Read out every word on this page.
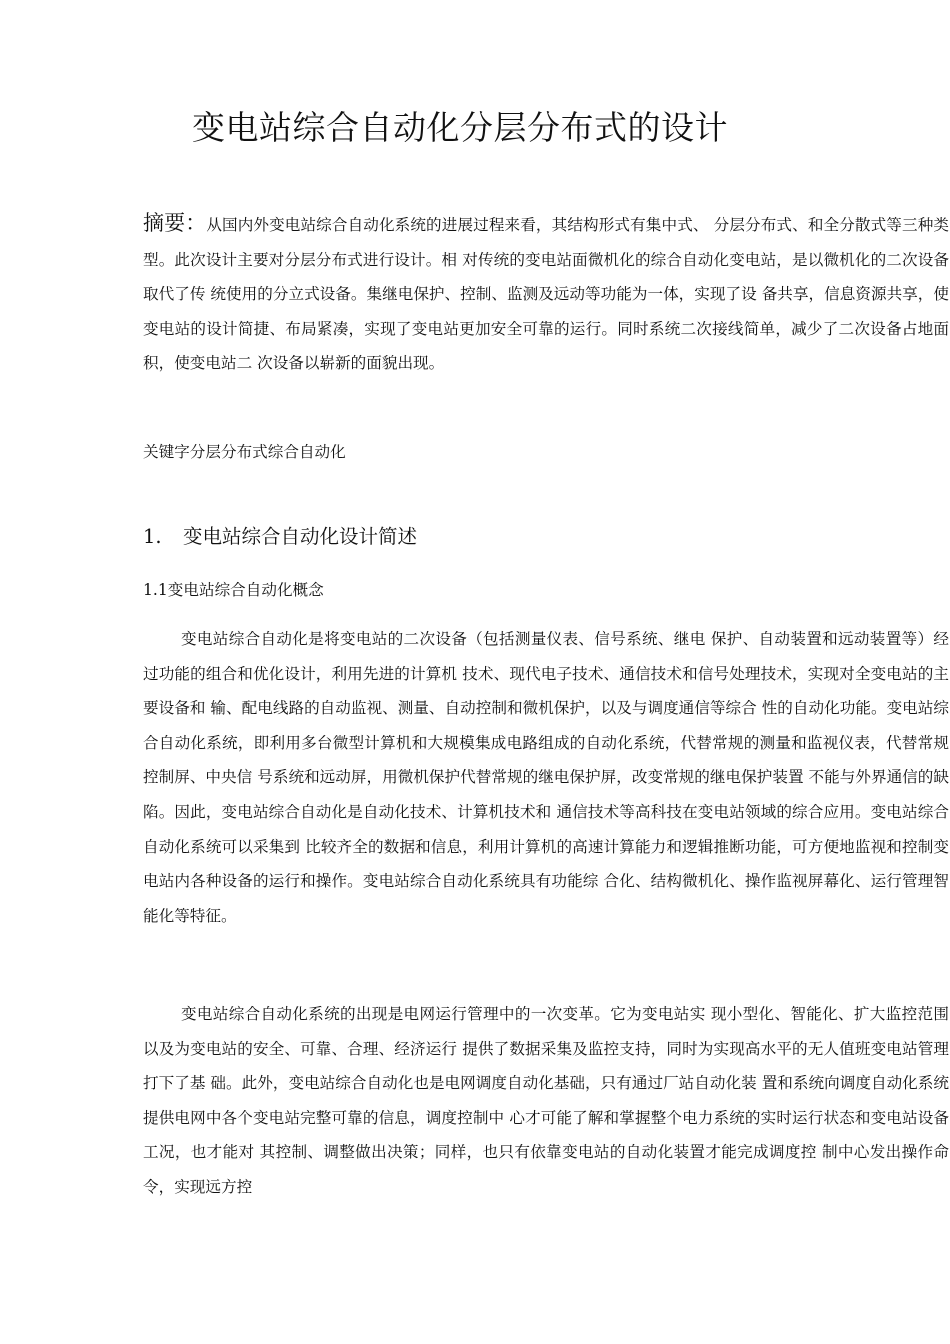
变电站综合自动化分层分布式的设计

摘要：从国内外变电站综合自动化系统的进展过程来看，其结构形式有集中式、 分层分布式、和全分散式等三种类型。此次设计主要对分层分布式进行设计。相 对传统的变电站面微机化的综合自动化变电站，是以微机化的二次设备取代了传 统使用的分立式设备。集继电保护、控制、监测及远动等功能为一体，实现了设 备共享，信息资源共享，使变电站的设计简捷、布局紧凑，实现了变电站更加安全可靠的运行。同时系统二次接线简单，减少了二次设备占地面积，使变电站二 次设备以崭新的面貌出现。

关键字分层分布式综合自动化

1. 变电站综合自动化设计简述
1.1变电站综合自动化概念

变电站综合自动化是将变电站的二次设备（包括测量仪表、信号系统、继电 保护、自动装置和远动装置等）经过功能的组合和优化设计，利用先进的计算机 技术、现代电子技术、通信技术和信号处理技术，实现对全变电站的主要设备和 输、配电线路的自动监视、测量、自动控制和微机保护，以及与调度通信等综合 性的自动化功能。变电站综合自动化系统，即利用多台微型计算机和大规模集成电路组成的自动化系统，代替常规的测量和监视仪表，代替常规控制屏、中央信 号系统和远动屏，用微机保护代替常规的继电保护屏，改变常规的继电保护装置 不能与外界通信的缺陷。因此，变电站综合自动化是自动化技术、计算机技术和 通信技术等高科技在变电站领域的综合应用。变电站综合自动化系统可以采集到 比较齐全的数据和信息，利用计算机的高速计算能力和逻辑推断功能，可方便地监视和控制变电站内各种设备的运行和操作。变电站综合自动化系统具有功能综 合化、结构微机化、操作监视屏幕化、运行管理智能化等特征。

变电站综合自动化系统的出现是电网运行管理中的一次变革。它为变电站实 现小型化、智能化、扩大监控范围以及为变电站的安全、可靠、合理、经济运行 提供了数据采集及监控支持，同时为实现高水平的无人值班变电站管理打下了基 础。此外，变电站综合自动化也是电网调度自动化基础，只有通过厂站自动化装 置和系统向调度自动化系统提供电网中各个变电站完整可靠的信息，调度控制中 心才可能了解和掌握整个电力系统的实时运行状态和变电站设备工况，也才能对 其控制、调整做出决策；同样，也只有依靠变电站的自动化装置才能完成调度控 制中心发出操作命令，实现远方控
